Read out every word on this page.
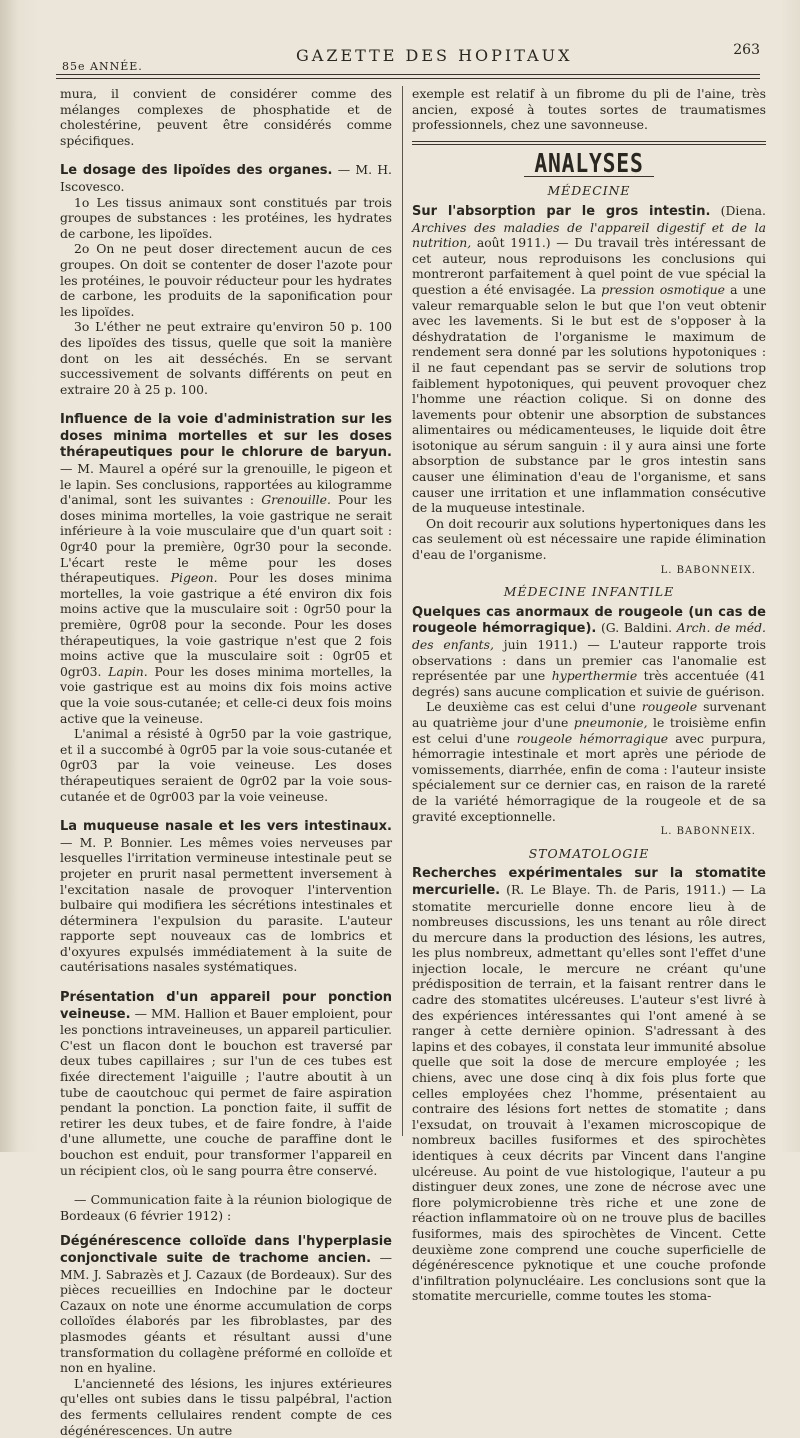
85e ANNÉE.
GAZETTE DES HOPITAUX	263

mura, il convient de considérer comme des mélanges complexes de phosphatide et de cholestérine, peuvent être considérés comme spécifiques.

Le dosage des lipoïdes des organes. — M. H. Iscovesco.

1o Les tissus animaux sont constitués par trois groupes de substances : les protéines, les hydrates de carbone, les lipoïdes.

2o On ne peut doser directement aucun de ces groupes. On doit se contenter de doser l'azote pour les protéines, le pouvoir réducteur pour les hydrates de carbone, les produits de la saponification pour les lipoïdes.

3o L'éther ne peut extraire qu'environ 50 p. 100 des lipoïdes des tissus, quelle que soit la manière dont on les ait desséchés. En se servant successivement de solvants différents on peut en extraire 20 à 25 p. 100.

Influence de la voie d'administration sur les doses minima mortelles et sur les doses thérapeutiques pour le chlorure de baryun. — M. Maurel a opéré sur la grenouille, le pigeon et le lapin. Ses conclusions, rapportées au kilogramme d'animal, sont les suivantes : Grenouille. Pour les doses minima mortelles, la voie gastrique ne serait inférieure à la voie musculaire que d'un quart soit : 0gr40 pour la première, 0gr30 pour la seconde. L'écart reste le même pour les doses thérapeutiques. Pigeon. Pour les doses minima mortelles, la voie gastrique a été environ dix fois moins active que la musculaire soit : 0gr50 pour la première, 0gr08 pour la seconde. Pour les doses thérapeutiques, la voie gastrique n'est que 2 fois moins active que la musculaire soit : 0gr05 et 0gr03. Lapin. Pour les doses minima mortelles, la voie gastrique est au moins dix fois moins active que la voie sous-cutanée; et celle-ci deux fois moins active que la veineuse.

L'animal a résisté à 0gr50 par la voie gastrique, et il a succombé à 0gr05 par la voie sous-cutanée et 0gr03 par la voie veineuse. Les doses thérapeutiques seraient de 0gr02 par la voie sous-cutanée et de 0gr003 par la voie veineuse.

La muqueuse nasale et les vers intestinaux. — M. P. Bonnier. Les mêmes voies nerveuses par lesquelles l'irritation vermineuse intestinale peut se projeter en prurit nasal permettent inversement à l'excitation nasale de provoquer l'intervention bulbaire qui modifiera les sécrétions intestinales et déterminera l'expulsion du parasite. L'auteur rapporte sept nouveaux cas de lombrics et d'oxyures expulsés immédiatement à la suite de cautérisations nasales systématiques.

Présentation d'un appareil pour ponction veineuse. — MM. Hallion et Bauer emploient, pour les ponctions intraveineuses, un appareil particulier. C'est un flacon dont le bouchon est traversé par deux tubes capillaires ; sur l'un de ces tubes est fixée directement l'aiguille ; l'autre aboutit à un tube de caoutchouc qui permet de faire aspiration pendant la ponction. La ponction faite, il suffit de retirer les deux tubes, et de faire fondre, à l'aide d'une allumette, une couche de paraffine dont le bouchon est enduit, pour transformer l'appareil en un récipient clos, où le sang pourra être conservé.

— Communication faite à la réunion biologique de Bordeaux (6 février 1912) :

Dégénérescence colloïde dans l'hyperplasie conjonctivale suite de trachome ancien. — MM. J. Sabrazès et J. Cazaux (de Bordeaux). Sur des pièces recueillies en Indochine par le docteur Cazaux on note une énorme accumulation de corps colloïdes élaborés par les fibroblastes, par des plasmodes géants et résultant aussi d'une transformation du collagène préformé en colloïde et non en hyaline.

L'ancienneté des lésions, les injures extérieures qu'elles ont subies dans le tissu palpébral, l'action des ferments cellulaires rendent compte de ces dégénérescences. Un autre

exemple est relatif à un fibrome du pli de l'aine, très ancien, exposé à toutes sortes de traumatismes professionnels, chez une savonneuse.

ANALYSES
MÉDECINE

Sur l'absorption par le gros intestin. (Diena. Archives des maladies de l'appareil digestif et de la nutrition, août 1911.) — Du travail très intéressant de cet auteur, nous reproduisons les conclusions qui montreront parfaitement à quel point de vue spécial la question a été envisagée. La pression osmotique a une valeur remarquable selon le but que l'on veut obtenir avec les lavements. Si le but est de s'opposer à la déshydratation de l'organisme le maximum de rendement sera donné par les solutions hypotoniques : il ne faut cependant pas se servir de solutions trop faiblement hypotoniques, qui peuvent provoquer chez l'homme une réaction colique. Si on donne des lavements pour obtenir une absorption de substances alimentaires ou médicamenteuses, le liquide doit être isotonique au sérum sanguin : il y aura ainsi une forte absorption de substance par le gros intestin sans causer une élimination d'eau de l'organisme, et sans causer une irritation et une inflammation consécutive de la muqueuse intestinale.

On doit recourir aux solutions hypertoniques dans les cas seulement où est nécessaire une rapide élimination d'eau de l'organisme.

L. BABONNEIX.
MÉDECINE INFANTILE

Quelques cas anormaux de rougeole (un cas de rougeole hémorragique). (G. Baldini. Arch. de méd. des enfants, juin 1911.) — L'auteur rapporte trois observations : dans un premier cas l'anomalie est représentée par une hyperthermie très accentuée (41 degrés) sans aucune complication et suivie de guérison.

Le deuxième cas est celui d'une rougeole survenant au quatrième jour d'une pneumonie, le troisième enfin est celui d'une rougeole hémorragique avec purpura, hémorragie intestinale et mort après une période de vomissements, diarrhée, enfin de coma : l'auteur insiste spécialement sur ce dernier cas, en raison de la rareté de la variété hémorragique de la rougeole et de sa gravité exceptionnelle.

L. BABONNEIX.
STOMATOLOGIE

Recherches expérimentales sur la stomatite mercurielle. (R. Le Blaye. Th. de Paris, 1911.) — La stomatite mercurielle donne encore lieu à de nombreuses discussions, les uns tenant au rôle direct du mercure dans la production des lésions, les autres, les plus nombreux, admettant qu'elles sont l'effet d'une injection locale, le mercure ne créant qu'une prédisposition de terrain, et la faisant rentrer dans le cadre des stomatites ulcéreuses. L'auteur s'est livré à des expériences intéressantes qui l'ont amené à se ranger à cette dernière opinion. S'adressant à des lapins et des cobayes, il constata leur immunité absolue quelle que soit la dose de mercure employée ; les chiens, avec une dose cinq à dix fois plus forte que celles employées chez l'homme, présentaient au contraire des lésions fort nettes de stomatite ; dans l'exsudat, on trouvait à l'examen microscopique de nombreux bacilles fusiformes et des spirochètes identiques à ceux décrits par Vincent dans l'angine ulcéreuse. Au point de vue histologique, l'auteur a pu distinguer deux zones, une zone de nécrose avec une flore polymicrobienne très riche et une zone de réaction inflammatoire où on ne trouve plus de bacilles fusiformes, mais des spirochètes de Vincent. Cette deuxième zone comprend une couche superficielle de dégénérescence pyknotique et une couche profonde d'infiltration polynucléaire. Les conclusions sont que la stomatite mercurielle, comme toutes les stoma-
